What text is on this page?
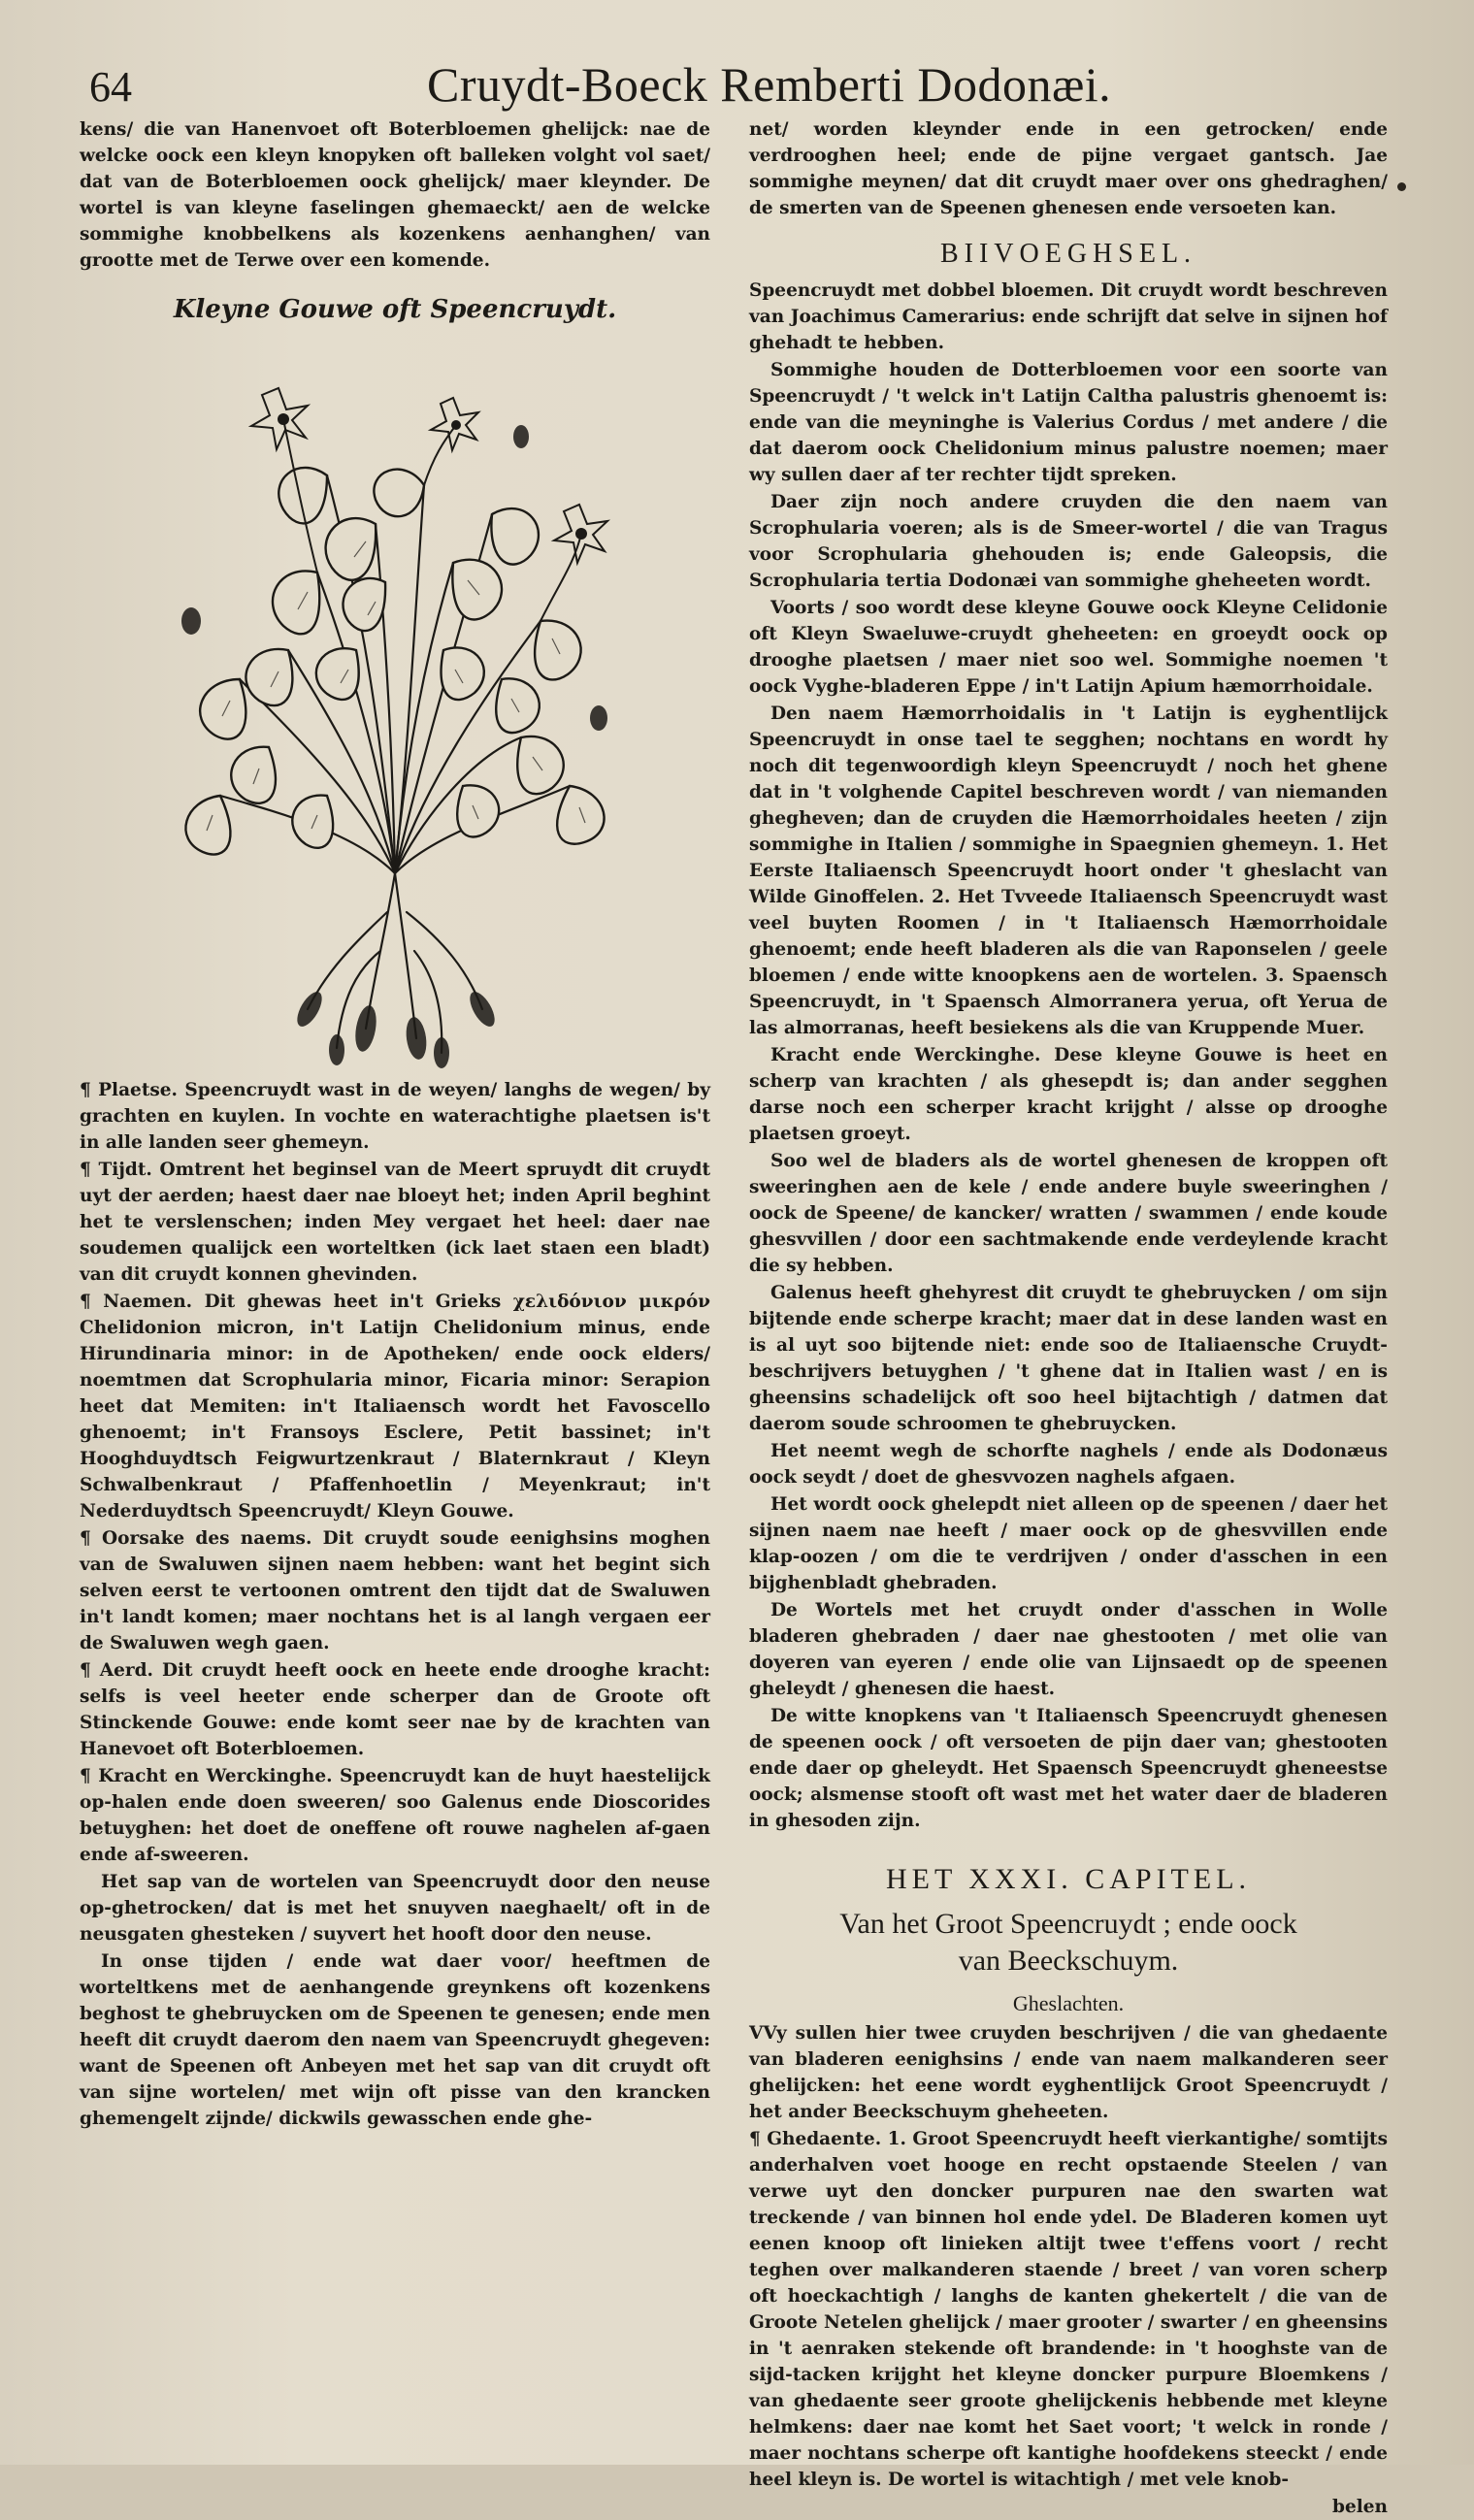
64	Cruydt-Boeck Remberti Dodonæi.

kens/ die van Hanenvoet oft Boterbloemen ghelijck: nae de welcke oock een kleyn knopyken oft balleken volght vol saet/ dat van de Boterbloemen oock ghelijck/ maer kleynder. De wortel is van kleyne faselingen ghemaeckt/ aen de welcke sommighe knobbelkens als kozenkens aenhanghen/ van grootte met de Terwe over een komende.

Kleyne Gouwe oft Speencruydt.

¶ Plaetse. Speencruydt wast in de weyen/ langhs de wegen/ by grachten en kuylen. In vochte en waterachtighe plaetsen is't in alle landen seer ghemeyn.

¶ Tijdt. Omtrent het beginsel van de Meert spruydt dit cruydt uyt der aerden; haest daer nae bloeyt het; inden April beghint het te verslenschen; inden Mey vergaet het heel: daer nae soudemen qualijck een worteltken (ick laet staen een bladt) van dit cruydt konnen ghevinden.

¶ Naemen. Dit ghewas heet in't Grieks χελιδόνιον μικρόν Chelidonion micron, in't Latijn Chelidonium minus, ende Hirundinaria minor: in de Apotheken/ ende oock elders/ noemtmen dat Scrophularia minor, Ficaria minor: Serapion heet dat Memiten: in't Italiaensch wordt het Favoscello ghenoemt; in't Fransoys Esclere, Petit bassinet; in't Hooghduydtsch Feigwurtzenkraut / Blaternkraut / Kleyn Schwalbenkraut / Pfaffenhoetlin / Meyenkraut; in't Nederduydtsch Speencruydt/ Kleyn Gouwe.

¶ Oorsake des naems. Dit cruydt soude eenighsins moghen van de Swaluwen sijnen naem hebben: want het begint sich selven eerst te vertoonen omtrent den tijdt dat de Swaluwen in't landt komen; maer nochtans het is al langh vergaen eer de Swaluwen wegh gaen.

¶ Aerd. Dit cruydt heeft oock en heete ende drooghe kracht: selfs is veel heeter ende scherper dan de Groote oft Stinckende Gouwe: ende komt seer nae by de krachten van Hanevoet oft Boterbloemen.

¶ Kracht en Werckinghe. Speencruydt kan de huyt haestelijck op-halen ende doen sweeren/ soo Galenus ende Dioscorides betuyghen: het doet de oneffene oft rouwe naghelen af-gaen ende af-sweeren.

Het sap van de wortelen van Speencruydt door den neuse op-ghetrocken/ dat is met het snuyven naeghaelt/ oft in de neusgaten ghesteken / suyvert het hooft door den neuse.

In onse tijden / ende wat daer voor/ heeftmen de worteltkens met de aenhangende greynkens oft kozenkens beghost te ghebruycken om de Speenen te genesen; ende men heeft dit cruydt daerom den naem van Speencruydt ghegeven: want de Speenen oft Anbeyen met het sap van dit cruydt oft van sijne wortelen/ met wijn oft pisse van den krancken ghemengelt zijnde/ dickwils gewasschen ende ghe-

net/ worden kleynder ende in een getrocken/ ende verdrooghen heel; ende de pijne vergaet gantsch. Jae sommighe meynen/ dat dit cruydt maer over ons ghedraghen/ de smerten van de Speenen ghenesen ende versoeten kan.

BIIVOEGHSEL.

Speencruydt met dobbel bloemen. Dit cruydt wordt beschreven van Joachimus Camerarius: ende schrijft dat selve in sijnen hof ghehadt te hebben.

Sommighe houden de Dotterbloemen voor een soorte van Speencruydt / 't welck in't Latijn Caltha palustris ghenoemt is: ende van die meyninghe is Valerius Cordus / met andere / die dat daerom oock Chelidonium minus palustre noemen; maer wy sullen daer af ter rechter tijdt spreken.

Daer zijn noch andere cruyden die den naem van Scrophularia voeren; als is de Smeer-wortel / die van Tragus voor Scrophularia ghehouden is; ende Galeopsis, die Scrophularia tertia Dodonæi van sommighe gheheeten wordt.

Voorts / soo wordt dese kleyne Gouwe oock Kleyne Celidonie oft Kleyn Swaeluwe-cruydt gheheeten: en groeydt oock op drooghe plaetsen / maer niet soo wel. Sommighe noemen 't oock Vyghe-bladeren Eppe / in't Latijn Apium hæmorrhoidale.

Den naem Hæmorrhoidalis in 't Latijn is eyghentlijck Speencruydt in onse tael te segghen; nochtans en wordt hy noch dit tegenwoordigh kleyn Speencruydt / noch het ghene dat in 't volghende Capitel beschreven wordt / van niemanden ghegheven; dan de cruyden die Hæmorrhoidales heeten / zijn sommighe in Italien / sommighe in Spaegnien ghemeyn. 1. Het Eerste Italiaensch Speencruydt hoort onder 't gheslacht van Wilde Ginoffelen. 2. Het Tvveede Italiaensch Speencruydt wast veel buyten Roomen / in 't Italiaensch Hæmorrhoidale ghenoemt; ende heeft bladeren als die van Raponselen / geele bloemen / ende witte knoopkens aen de wortelen. 3. Spaensch Speencruydt, in 't Spaensch Almorranera yerua, oft Yerua de las almorranas, heeft besiekens als die van Kruppende Muer.

Kracht ende Werckinghe. Dese kleyne Gouwe is heet en scherp van krachten / als ghesepdt is; dan ander segghen darse noch een scherper kracht krijght / alsse op drooghe plaetsen groeyt.

Soo wel de bladers als de wortel ghenesen de kroppen oft sweeringhen aen de kele / ende andere buyle sweeringhen / oock de Speene/ de kancker/ wratten / swammen / ende koude ghesvvillen / door een sachtmakende ende verdeylende kracht die sy hebben.

Galenus heeft ghehyrest dit cruydt te ghebruycken / om sijn bijtende ende scherpe kracht; maer dat in dese landen wast en is al uyt soo bijtende niet: ende soo de Italiaensche Cruydt-beschrijvers betuyghen / 't ghene dat in Italien wast / en is gheensins schadelijck oft soo heel bijtachtigh / datmen dat daerom soude schroomen te ghebruycken.

Het neemt wegh de schorfte naghels / ende als Dodonæus oock seydt / doet de ghesvvozen naghels afgaen.

Het wordt oock ghelepdt niet alleen op de speenen / daer het sijnen naem nae heeft / maer oock op de ghesvvillen ende klap-oozen / om die te verdrijven / onder d'asschen in een bijghenbladt ghebraden.

De Wortels met het cruydt onder d'asschen in Wolle bladeren ghebraden / daer nae ghestooten / met olie van doyeren van eyeren / ende olie van Lijnsaedt op de speenen gheleydt / ghenesen die haest.

De witte knopkens van 't Italiaensch Speencruydt ghenesen de speenen oock / oft versoeten de pijn daer van; ghestooten ende daer op gheleydt. Het Spaensch Speencruydt gheneestse oock; alsmense stooft oft wast met het water daer de bladeren in ghesoden zijn.

HET XXXI. CAPITEL.
Van het Groot Speencruydt ; ende oock
van Beeckschuym.
Gheslachten.

VVy sullen hier twee cruyden beschrijven / die van ghedaente van bladeren eenighsins / ende van naem malkanderen seer ghelijcken: het eene wordt eyghentlijck Groot Speencruydt / het ander Beeckschuym gheheeten.

¶ Ghedaente. 1. Groot Speencruydt heeft vierkantighe/ somtijts anderhalven voet hooge en recht opstaende Steelen / van verwe uyt den doncker purpuren nae den swarten wat treckende / van binnen hol ende ydel. De Bladeren komen uyt eenen knoop oft linieken altijt twee t'effens voort / recht teghen over malkanderen staende / breet / van voren scherp oft hoeckachtigh / langhs de kanten ghekertelt / die van de Groote Netelen ghelijck / maer grooter / swarter / en gheensins in 't aenraken stekende oft brandende: in 't hooghste van de sijd-tacken krijght het kleyne doncker purpure Bloemkens / van ghedaente seer groote ghelijckenis hebbende met kleyne helmkens: daer nae komt het Saet voort; 't welck in ronde / maer nochtans scherpe oft kantighe hoofdekens steeckt / ende heel kleyn is. De wortel is witachtigh / met vele knob-

belen
